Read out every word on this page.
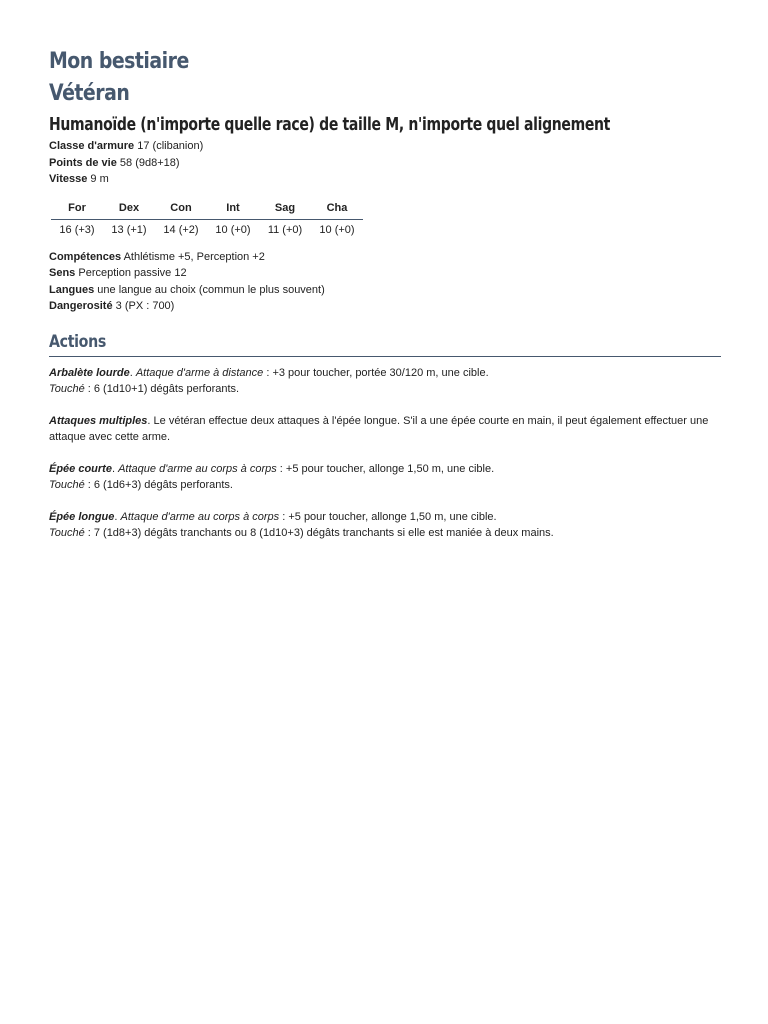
Mon bestiaire
Vétéran
Humanoïde (n'importe quelle race) de taille M, n'importe quel alignement

Classe d'armure 17 (clibanion)

Points de vie 58 (9d8+18)

Vitesse 9 m

For	Dex	Con	Int	Sag	Cha
16 (+3)	13 (+1)	14 (+2)	10 (+0)	11 (+0)	10 (+0)

Compétences Athlétisme +5, Perception +2

Sens Perception passive 12

Langues une langue au choix (commun le plus souvent)

Dangerosité 3 (PX : 700)

Actions

Arbalète lourde. Attaque d'arme à distance : +3 pour toucher, portée 30/120 m, une cible.

Touché : 6 (1d10+1) dégâts perforants.

Attaques multiples. Le vétéran effectue deux attaques à l'épée longue. S'il a une épée courte en main, il peut également effectuer une attaque avec cette arme.

Épée courte. Attaque d'arme au corps à corps : +5 pour toucher, allonge 1,50 m, une cible.

Touché : 6 (1d6+3) dégâts perforants.

Épée longue. Attaque d'arme au corps à corps : +5 pour toucher, allonge 1,50 m, une cible.

Touché : 7 (1d8+3) dégâts tranchants ou 8 (1d10+3) dégâts tranchants si elle est maniée à deux mains.
